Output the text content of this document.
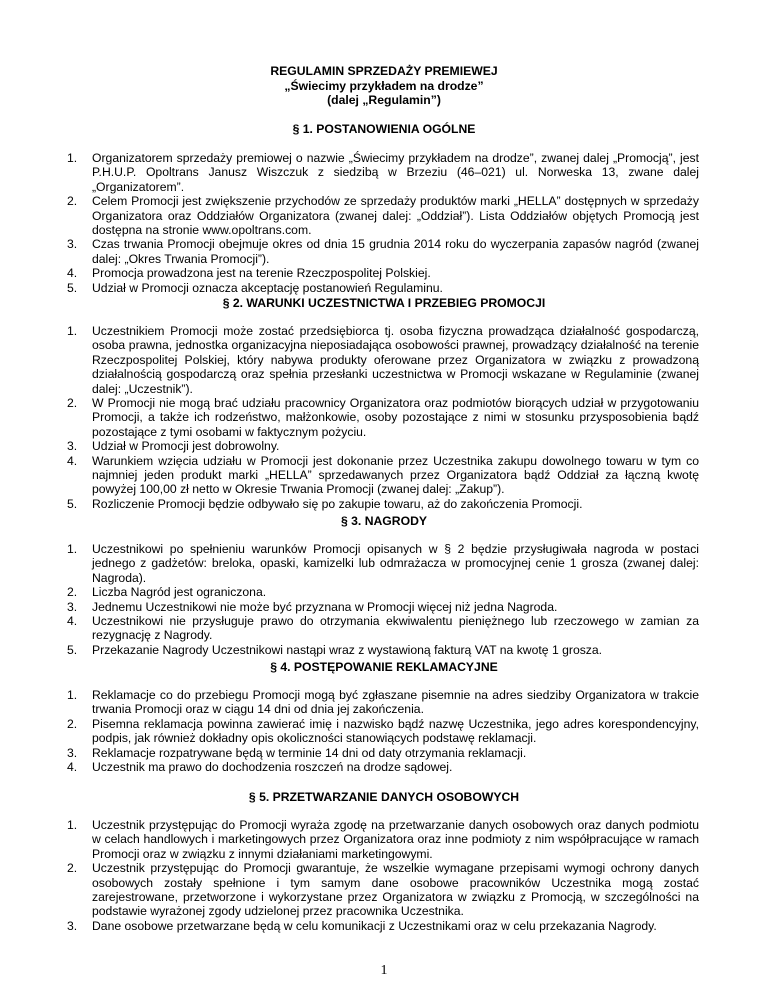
REGULAMIN SPRZEDAŻY PREMIEWEJ
„Świecimy przykładem na drodze”
(dalej „Regulamin”)
§ 1. POSTANOWIENIA OGÓLNE
1. Organizatorem sprzedaży premiowej o nazwie „Świecimy przykładem na drodze”, zwanej dalej „Promocją”, jest P.H.U.P. Opoltrans Janusz Wiszczuk z siedzibą w Brzeziu (46–021) ul. Norweska 13, zwane dalej „Organizatorem”.
2. Celem Promocji jest zwiększenie przychodów ze sprzedaży produktów marki „HELLA” dostępnych w sprzedaży Organizatora oraz Oddziałów Organizatora (zwanej dalej: „Oddział”). Lista Oddziałów objętych Promocją jest dostępna na stronie www.opoltrans.com.
3. Czas trwania Promocji obejmuje okres od dnia 15 grudnia 2014 roku do wyczerpania zapasów nagród (zwanej dalej: „Okres Trwania Promocji”).
4. Promocja prowadzona jest na terenie Rzeczpospolitej Polskiej.
5. Udział w Promocji oznacza akceptację postanowień Regulaminu.
§ 2. WARUNKI UCZESTNICTWA I PRZEBIEG PROMOCJI
1. Uczestnikiem Promocji może zostać przedsiębiorca tj. osoba fizyczna prowadząca działalność gospodarczą, osoba prawna, jednostka organizacyjna nieposiadająca osobowości prawnej, prowadzący działalność na terenie Rzeczpospolitej Polskiej, który nabywa produkty oferowane przez Organizatora w związku z prowadzoną działalnością gospodarczą oraz spełnia przesłanki uczestnictwa w Promocji wskazane w Regulaminie (zwanej dalej: „Uczestnik”).
2. W Promocji nie mogą brać udziału pracownicy Organizatora oraz podmiotów biorących udział w przygotowaniu Promocji, a także ich rodzeństwo, małżonkowie, osoby pozostające z nimi w stosunku przysposobienia bądź pozostające z tymi osobami w faktycznym pożyciu.
3. Udział w Promocji jest dobrowolny.
4. Warunkiem wzięcia udziału w Promocji jest dokonanie przez Uczestnika zakupu dowolnego towaru w tym co najmniej jeden produkt marki „HELLA” sprzedawanych przez Organizatora bądź Oddział za łączną kwotę powyżej 100,00 zł netto w Okresie Trwania Promocji (zwanej dalej: „Zakup”).
5. Rozliczenie Promocji będzie odbywało się po zakupie towaru, aż do zakończenia Promocji.
§ 3. NAGRODY
1. Uczestnikowi po spełnieniu warunków Promocji opisanych w § 2 będzie przysługiwała nagroda w postaci jednego z gadżetów: breloka, opaski, kamizelki lub odmrażacza w promocyjnej cenie 1 grosza (zwanej dalej: Nagroda).
2. Liczba Nagród jest ograniczona.
3. Jednemu Uczestnikowi nie może być przyznana w Promocji więcej niż jedna Nagroda.
4. Uczestnikowi nie przysługuje prawo do otrzymania ekwiwalentu pieniężnego lub rzeczowego w zamian za rezygnację z Nagrody.
5. Przekazanie Nagrody Uczestnikowi nastąpi wraz z wystawioną fakturą VAT na kwotę 1 grosza.
§ 4. POSTĘPOWANIE REKLAMACYJNE
1. Reklamacje co do przebiegu Promocji mogą być zgłaszane pisemnie na adres siedziby Organizatora w trakcie trwania Promocji oraz w ciągu 14 dni od dnia jej zakończenia.
2. Pisemna reklamacja powinna zawierać imię i nazwisko bądź nazwę Uczestnika, jego adres korespondencyjny, podpis, jak również dokładny opis okoliczności stanowiących podstawę reklamacji.
3. Reklamacje rozpatrywane będą w terminie 14 dni od daty otrzymania reklamacji.
4. Uczestnik ma prawo do dochodzenia roszczeń na drodze sądowej.
§ 5. PRZETWARZANIE DANYCH OSOBOWYCH
1. Uczestnik przystępując do Promocji wyraża zgodę na przetwarzanie danych osobowych oraz danych podmiotu w celach handlowych i marketingowych przez Organizatora oraz inne podmioty z nim współpracujące w ramach Promocji oraz w związku z innymi działaniami marketingowymi.
2. Uczestnik przystępując do Promocji gwarantuje, że wszelkie wymagane przepisami wymogi ochrony danych osobowych zostały spełnione i tym samym dane osobowe pracowników Uczestnika mogą zostać zarejestrowane, przetworzone i wykorzystane przez Organizatora w związku z Promocją, w szczególności na podstawie wyrażonej zgody udzielonej przez pracownika Uczestnika.
3. Dane osobowe przetwarzane będą w celu komunikacji z Uczestnikami oraz w celu przekazania Nagrody.
1
